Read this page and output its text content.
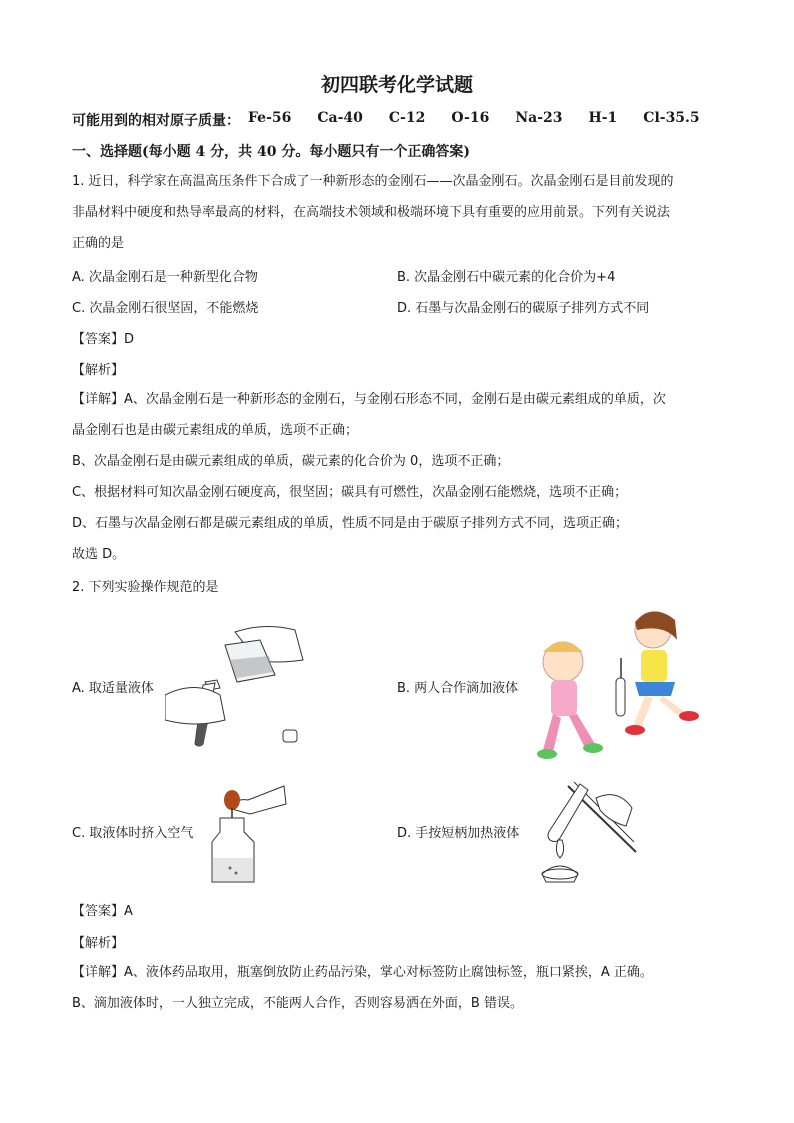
初四联考化学试题
可能用到的相对原子质量： Fe-56 Ca-40 C-12 O-16 Na-23 H-1 Cl-35.5
一、选择题(每小题 4 分，共 40 分。每小题只有一个正确答案)
1. 近日，科学家在高温高压条件下合成了一种新形态的金刚石——次晶金刚石。次晶金刚石是目前发现的
非晶材料中硬度和热导率最高的材料，在高端技术领域和极端环境下具有重要的应用前景。下列有关说法
正确的是
A. 次晶金刚石是一种新型化合物	B. 次晶金刚石中碳元素的化合价为+4
C. 次晶金刚石很坚固，不能燃烧	D. 石墨与次晶金刚石的碳原子排列方式不同
【答案】D
【解析】
【详解】A、次晶金刚石是一种新形态的金刚石，与金刚石形态不同，金刚石是由碳元素组成的单质，次
晶金刚石也是由碳元素组成的单质，选项不正确；
B、次晶金刚石是由碳元素组成的单质，碳元素的化合价为 0，选项不正确；
C、根据材料可知次晶金刚石硬度高，很坚固；碳具有可燃性，次晶金刚石能燃烧，选项不正确；
D、石墨与次晶金刚石都是碳元素组成的单质，性质不同是由于碳原子排列方式不同，选项正确；
故选 D。
2. 下列实验操作规范的是
A. 取适量液体	B. 两人合作滴加液体
C. 取液体时挤入空气	D. 手按短柄加热液体
【答案】A
【解析】
【详解】A、液体药品取用，瓶塞倒放防止药品污染，掌心对标签防止腐蚀标签，瓶口紧挨，A 正确。
B、滴加液体时，一人独立完成，不能两人合作，否则容易洒在外面，B 错误。
